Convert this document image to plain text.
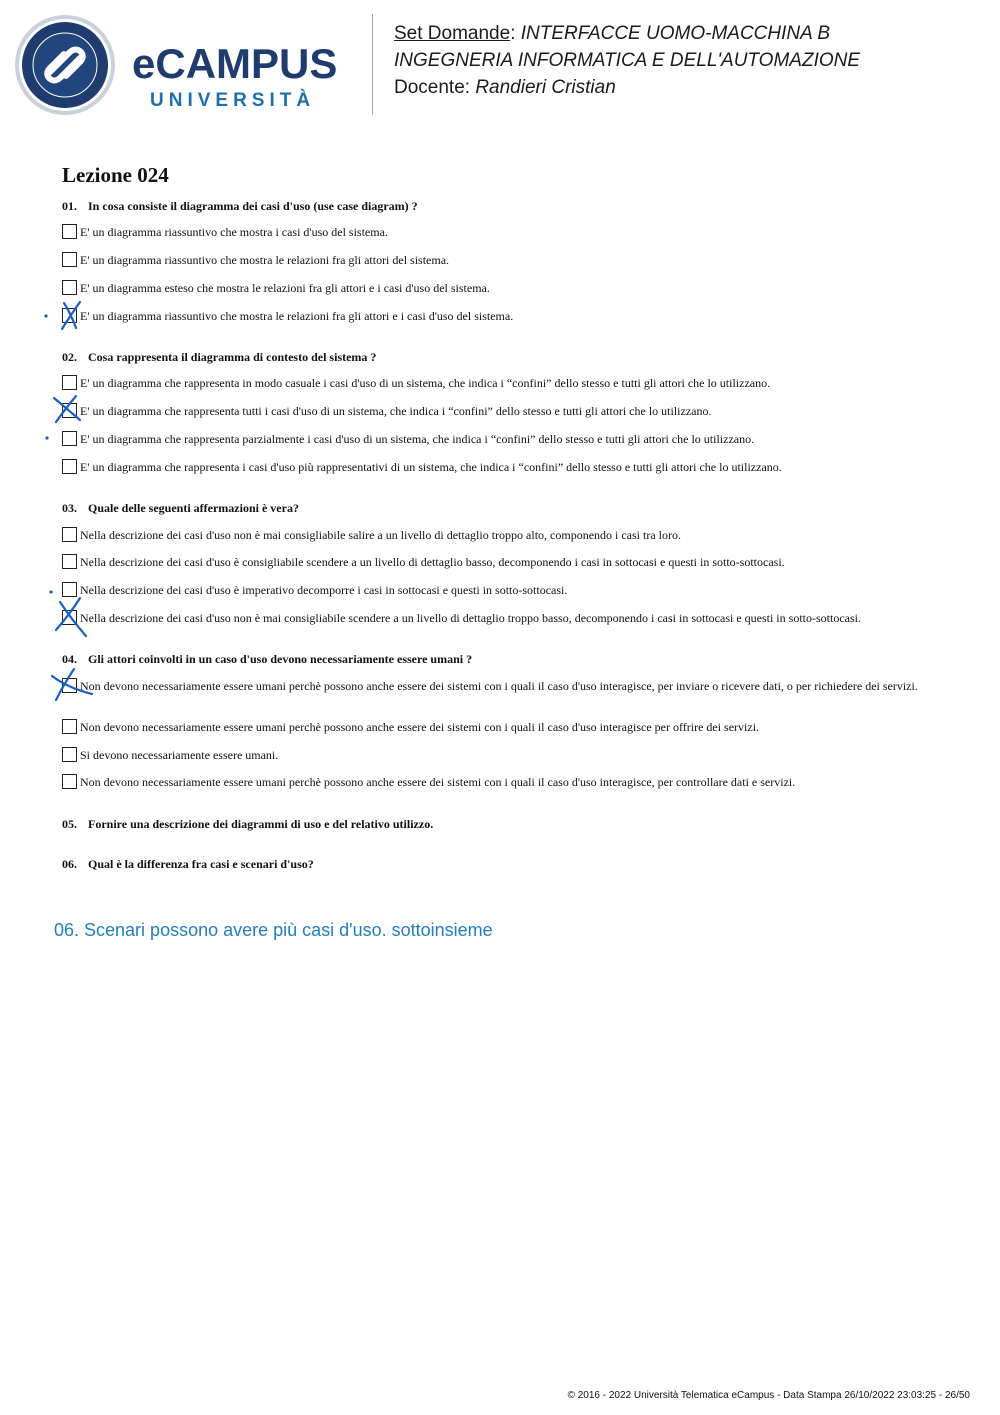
eCAMPUS
UNIVERSITÀ
Set Domande: INTERFACCE UOMO-MACCHINA B
INGEGNERIA INFORMATICA E DELL'AUTOMAZIONE
Docente: Randieri Cristian
Lezione 024
01. In cosa consiste il diagramma dei casi d'uso (use case diagram) ?
E' un diagramma riassuntivo che mostra i casi d'uso del sistema.
E' un diagramma riassuntivo che mostra le relazioni fra gli attori del sistema.
E' un diagramma esteso che mostra le relazioni fra gli attori e i casi d'uso del sistema.
E' un diagramma riassuntivo che mostra le relazioni fra gli attori e i casi d'uso del sistema.
02. Cosa rappresenta il diagramma di contesto del sistema ?
E' un diagramma che rappresenta in modo casuale i casi d'uso di un sistema, che indica i “confini” dello stesso e tutti gli attori che lo utilizzano.
E' un diagramma che rappresenta tutti i casi d'uso di un sistema, che indica i “confini” dello stesso e tutti gli attori che lo utilizzano.
E' un diagramma che rappresenta parzialmente i casi d'uso di un sistema, che indica i “confini” dello stesso e tutti gli attori che lo utilizzano.
E' un diagramma che rappresenta i casi d'uso più rappresentativi di un sistema, che indica i “confini” dello stesso e tutti gli attori che lo utilizzano.
03. Quale delle seguenti affermazioni è vera?
Nella descrizione dei casi d'uso non è mai consigliabile salire a un livello di dettaglio troppo alto, componendo i casi tra loro.
Nella descrizione dei casi d'uso è consigliabile scendere a un livello di dettaglio basso, decomponendo i casi in sottocasi e questi in sotto-sottocasi.
Nella descrizione dei casi d'uso è imperativo decomporre i casi in sottocasi e questi in sotto-sottocasi.
Nella descrizione dei casi d'uso non è mai consigliabile scendere a un livello di dettaglio troppo basso, decomponendo i casi in sottocasi e questi in sotto-sottocasi.
04. Gli attori coinvolti in un caso d'uso devono necessariamente essere umani ?
Non devono necessariamente essere umani perchè possono anche essere dei sistemi con i quali il caso d'uso interagisce, per inviare o ricevere dati, o per richiedere dei servizi.
Non devono necessariamente essere umani perchè possono anche essere dei sistemi con i quali il caso d'uso interagisce per offrire dei servizi.
Si devono necessariamente essere umani.
Non devono necessariamente essere umani perchè possono anche essere dei sistemi con i quali il caso d'uso interagisce, per controllare dati e servizi.
05. Fornire una descrizione dei diagrammi di uso e del relativo utilizzo.
06. Qual è la differenza fra casi e scenari d'uso?
06. Scenari possono avere più casi d'uso. sottoinsieme
© 2016 - 2022 Università Telematica eCampus - Data Stampa 26/10/2022 23:03:25 - 26/50
